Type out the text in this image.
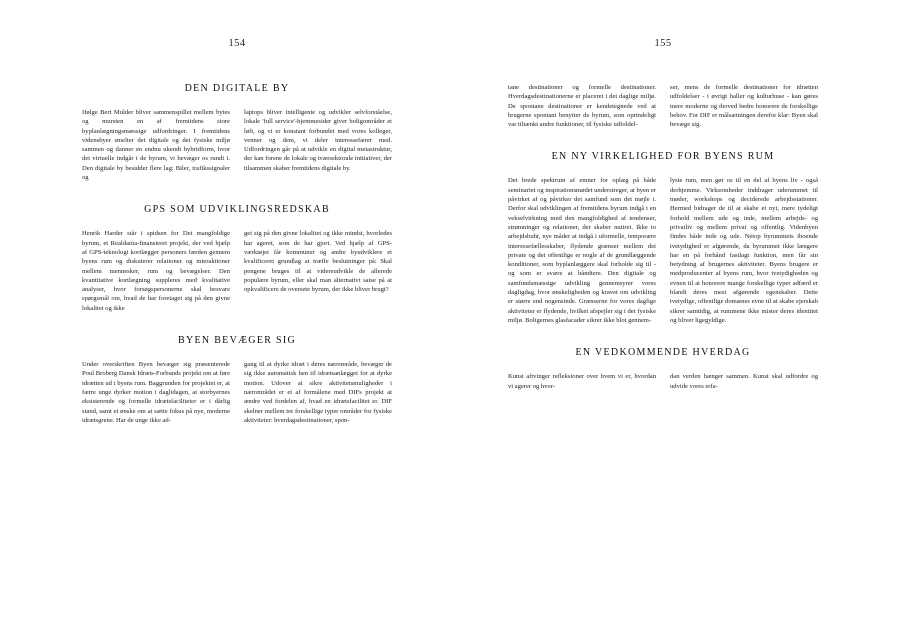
154
DEN DIGITALE BY

Ifølge Bert Mulder bliver sammenspillet mellem bytes og mursten en af fremtidens store byplanlægningsmæssige udfordringer. I fremtidens vidensbyer smelter det digitale og det fysiske miljø sammen og danner en endnu ukendt hybridform, hvor det virtuelle indgår i de byrum, vi bevæger os rundt i. Den digitale by besidder flere lag: Biler, trafikssignaler og

laptops bliver intelligente og udvikler selvforståelse, lokale 'full service'-hjemmesider giver boligområder et løft, og vi er konstant forbundet med vores kolleger, venner og dem, vi deler interessefærer med. Udfordringen går på at udvikle en digital metastruktur, der kan forene de lokale og tværsektorale initiativer, der tilsammen skaber fremtidens digitale by.

GPS SOM UDVIKLINGSREDSKAB

Henrik Harder står i spidsen for Det mangfoldige byrum, et Realdania-finansieret projekt, der ved hjælp af GPS-teknologi kortlægger personers færden gennem byens rum og diskuterer relationer og interaktioner mellem mennesker, rum og bevægelser. Den kvantitative kortlægning suppleres med kvalitative analyser, hvor forsøgspersonerne skal besvare spørgsmål om, hvad de har foretaget sig på den givne lokalitet og ikke

get sig på den givne lokalitet og ikke mindst, hvorledes har ageret, som de har gjort. Ved hjælp af GPS-værktøjet får kommuner og andre byudviklere et kvalificeret grundlag at træffe beslutninger på: Skal pengene bruges til at videreudvikle de allerede populære byrum, eller skal man alternativt satse på at opkvalificere de oversete byrum, der ikke bliver brugt?

BYEN BEVÆGER SIG

Under overskriften Byen bevæger sig præsenterede Poul Broberg Dansk Idræts-Forbunds projekt om at føre idrætten ud i byens rum. Baggrunden for projektet er, at færre unge dyrker motion i daglidagen, at storbyernes eksisterende og formelle idrætsfaciliteter er i dårlig stand, samt et ønske om at sætte fokus på nye, moderne idrætsgrene. Har de unge ikke ad-

gang til at dyrke idræt i deres nærområde, bevæger de sig ikke automatisk hen til idrætsanlægget for at dyrke motion. Udover at sikre aktivitetsmuligheder i nærområdet er et af formålene med DIFs projekt at ændre ved fordelen af, hvad en idrætsfacilitet er. DIF skelner mellem tre forskellige typer områder for fysiske aktiviteter: hverdagsdestinationer, spon-

155

tane destinationer og formelle destinationer. Hverdagsdestinationerne er placeret i det daglige miljø. De spontane destinationer er kendetegnede ved at brugerne spontant benytter de byrum, som oprindeligt var tiltænkt andre funktioner, til fysiske udfoldel-

ser, mens de formelle destinationer for idrætten udfoldelser - i øvrigt haller og kulturhuse - kan gøres mere moderne og derved bedre honorere de forskellige behov. For DIF er målsætningen derefor klar: Byen skal bevæge sig.

EN NY VIRKELIGHED FOR BYENS RUM

Det brede spektrum af emner for oplæg på både seminariet og inspirationsmødet understreger, at byen er påvirket af og påvirker det samfund som det møjle i. Derfor skal udviklingen af fremtidens byrum indgå i en vekselvirkning med den mangfoldighed af tendenser, strømninger og relationer, der skaber nutiret. Ikke to arbejdsbuhr, nye måder at indgå i uformelle, temporære interessefællesskaber, flydende grænser mellem det private og det offentlige er nogle af de grundlæggende konditioner, som byplanlæggere skal forholde sig til - og som er svære at håndtere. Den digitale og samfundsmæssige udvikling gennemsyrer vores dagligdag, hvor ønskeligheden og kravet om udvikling er større end nogensinde. Grænserne for vores daglige aktiviteter er flydende, hvilket afspejler sig i det fysiske miljø. Boligernes glasfacader sikrer ikke blot gennem-

lyste rum, men gør os til en del af byens liv - også derhjemme. Virksomheder inddrager uderummet til møder, workshops og deciderede arbejdsstationer. Hermed bidrager de til at skabe et nyt, mere tydeligt forhold mellem ude og inde, mellem arbejds- og privatliv og mellem privat og offentlig. Videnbyen findes både inde og ude. Netop byrummets iboende tvetydighed er afgørende, da byrummet ikke længere har en på forhånd fastlagt funktion, men får sin betydning af brugernes aktiviteter. Byens brugere er medproducenter af byens rum, hvor tvetydigheden og evnen til at honorere mange forskellige typer adfærd er blandt deres mest afgørende egenskaber. Dette tvetydige, offentlige domænes evne til at skabe ejerskab sikrer samtidig, at rummene ikke mister deres identitet og bliver ligegyldige.

EN VEDKOMMENDE HVERDAG

Kunst aftvinger refleksioner over hvem vi er, hvordan vi agerer og hvor-

dan verden hænger sammen. Kunst skal udfordre og udvide vores erfa-
